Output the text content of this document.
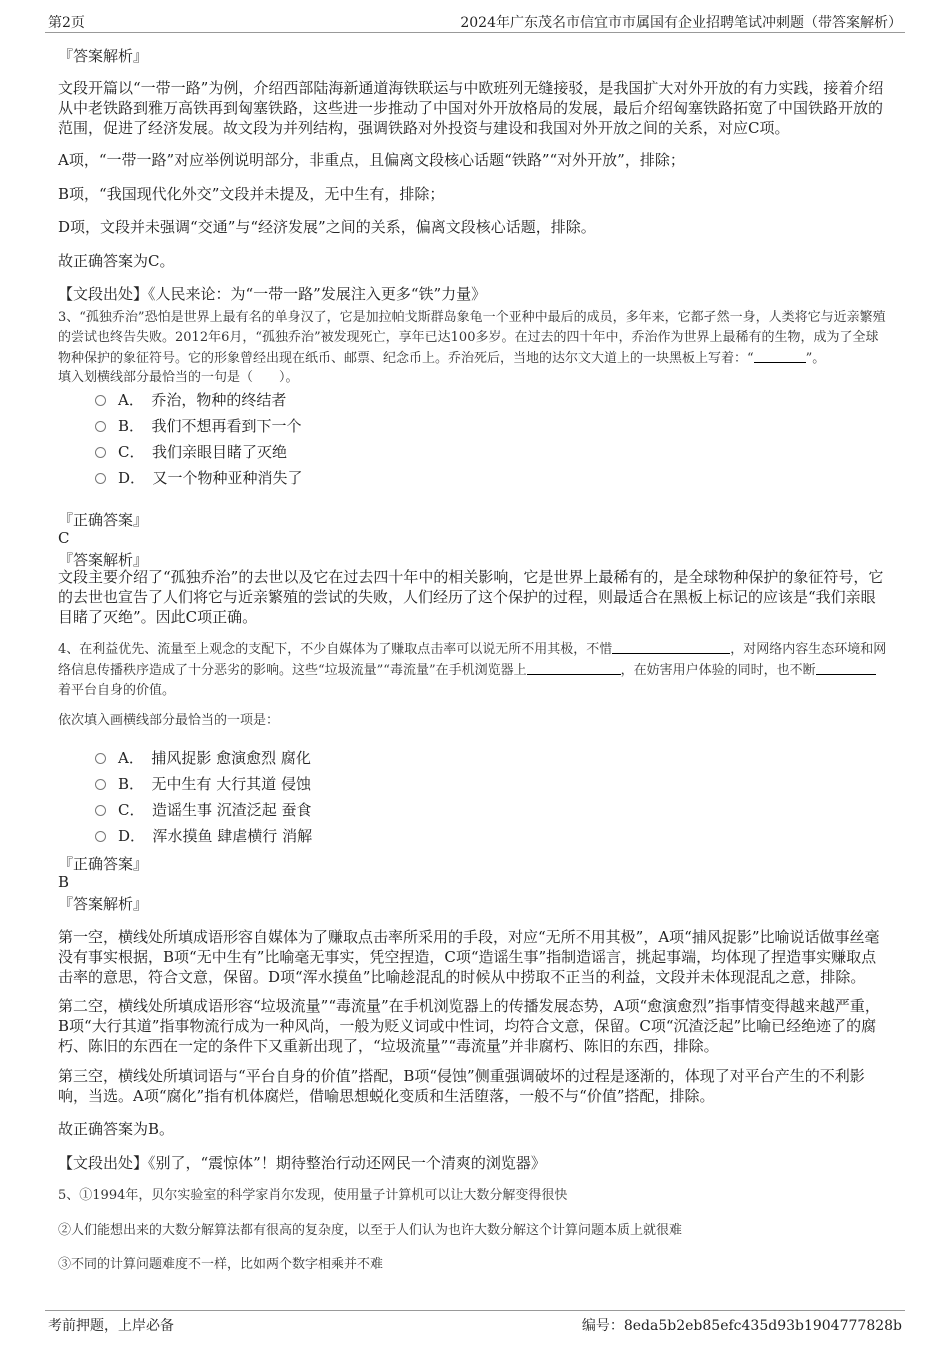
第2页	2024年广东茂名市信宜市市属国有企业招聘笔试冲刺题（带答案解析）
『答案解析』
文段开篇以“一带一路”为例，介绍西部陆海新通道海铁联运与中欧班列无缝接驳，是我国扩大对外开放的有力实践，接着介绍从中老铁路到雅万高铁再到匈塞铁路，这些进一步推动了中国对外开放格局的发展，最后介绍匈塞铁路拓宽了中国铁路开放的范围，促进了经济发展。故文段为并列结构，强调铁路对外投资与建设和我国对外开放之间的关系，对应C项。
A项，“一带一路”对应举例说明部分，非重点，且偏离文段核心话题“铁路”“对外开放”，排除；
B项，“我国现代化外交”文段并未提及，无中生有，排除；
D项，文段并未强调“交通”与“经济发展”之间的关系，偏离文段核心话题，排除。
故正确答案为C。
【文段出处】《人民来论：为“一带一路”发展注入更多“铁”力量》
3、“孤独乔治”恐怕是世界上最有名的单身汉了，它是加拉帕戈斯群岛象龟一个亚种中最后的成员，多年来，它都孑然一身，人类将它与近亲繁殖的尝试也终告失败。2012年6月，“孤独乔治”被发现死亡，享年已达100多岁。在过去的四十年中，乔治作为世界上最稀有的生物，成为了全球物种保护的象征符号。它的形象曾经出现在纸币、邮票、纪念币上。乔治死后，当地的达尔文大道上的一块黑板上写着：“	”。
填入划横线部分最恰当的一句是（　　）。
A．　乔治，物种的终结者
B．　我们不想再看到下一个
C．　我们亲眼目睹了灭绝
D．　又一个物种亚种消失了
『正确答案』
C
『答案解析』
文段主要介绍了“孤独乔治”的去世以及它在过去四十年中的相关影响，它是世界上最稀有的，是全球物种保护的象征符号，它的去世也宣告了人们将它与近亲繁殖的尝试的失败，人们经历了这个保护的过程，则最适合在黑板上标记的应该是“我们亲眼目睹了灭绝”。因此C项正确。
4、在利益优先、流量至上观念的支配下，不少自媒体为了赚取点击率可以说无所不用其极，不惜	，对网络内容生态环境和网络信息传播秩序造成了十分恶劣的影响。这些“垃圾流量”“毒流量”在手机浏览器上	，在妨害用户体验的同时，也不断着平台自身的价值。
依次填入画横线部分最恰当的一项是：
A．　捕风捉影 愈演愈烈 腐化
B．　无中生有 大行其道 侵蚀
C．　造谣生事 沉渣泛起 蚕食
D．　浑水摸鱼 肆虐横行 消解
『正确答案』
B
『答案解析』
第一空，横线处所填成语形容自媒体为了赚取点击率所采用的手段，对应“无所不用其极”，A项“捕风捉影”比喻说话做事丝毫没有事实根据，B项“无中生有”比喻毫无事实，凭空捏造，C项“造谣生事”指制造谣言，挑起事端，均体现了捏造事实赚取点击率的意思，符合文意，保留。D项“浑水摸鱼”比喻趁混乱的时候从中捞取不正当的利益，文段并未体现混乱之意，排除。
第二空，横线处所填成语形容“垃圾流量”“毒流量”在手机浏览器上的传播发展态势，A项“愈演愈烈”指事情变得越来越严重，B项“大行其道”指事物流行成为一种风尚，一般为贬义词或中性词，均符合文意，保留。C项“沉渣泛起”比喻已经绝迹了的腐朽、陈旧的东西在一定的条件下又重新出现了，“垃圾流量”“毒流量”并非腐朽、陈旧的东西，排除。
第三空，横线处所填词语与“平台自身的价值”搭配，B项“侵蚀”侧重强调破坏的过程是逐渐的，体现了对平台产生的不利影响，当选。A项“腐化”指有机体腐烂，借喻思想蜕化变质和生活堕落，一般不与“价值”搭配，排除。
故正确答案为B。
【文段出处】《别了，“震惊体”！期待整治行动还网民一个清爽的浏览器》
5、①1994年，贝尔实验室的科学家肖尔发现，使用量子计算机可以让大数分解变得很快
②人们能想出来的大数分解算法都有很高的复杂度，以至于人们认为也许大数分解这个计算问题本质上就很难
③不同的计算问题难度不一样，比如两个数字相乘并不难
考前押题，上岸必备	编号：8eda5b2eb85efc435d93b1904777828b
